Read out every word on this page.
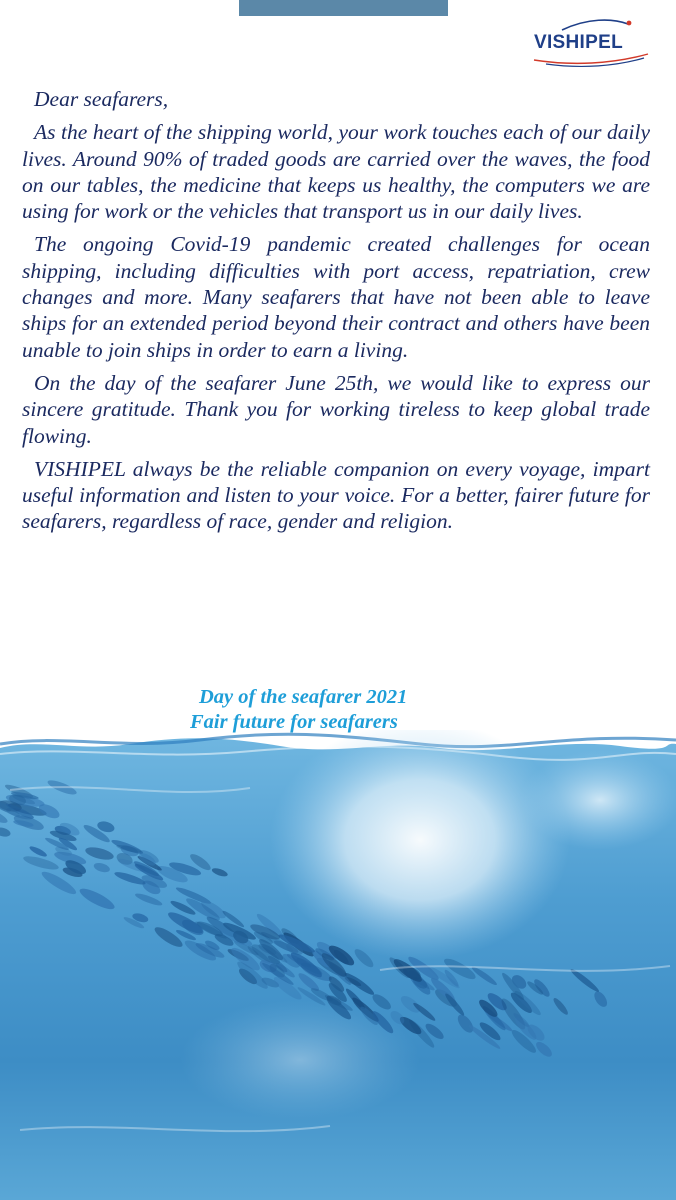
VISHIPEL

Dear seafarers,

As the heart of the shipping world, your work touches each of our daily lives. Around 90% of traded goods are carried over the waves, the food on our tables, the medicine that keeps us healthy, the computers we are using for work or the vehicles that transport us in our daily lives.

The ongoing Covid-19 pandemic created challenges for ocean shipping, including difficulties with port access, repatriation, crew changes and more. Many seafarers that have not been able to leave ships for an extended period beyond their contract and others have been unable to join ships in order to earn a living.

On the day of the seafarer June 25th, we would like to express our sincere gratitude. Thank you for working tireless to keep global trade flowing.

VISHIPEL always be the reliable companion on every voyage, impart useful information and listen to your voice. For a better, fairer future for seafarers, regardless of race, gender and religion.

Day of the seafarer 2021
Fair future for seafarers
